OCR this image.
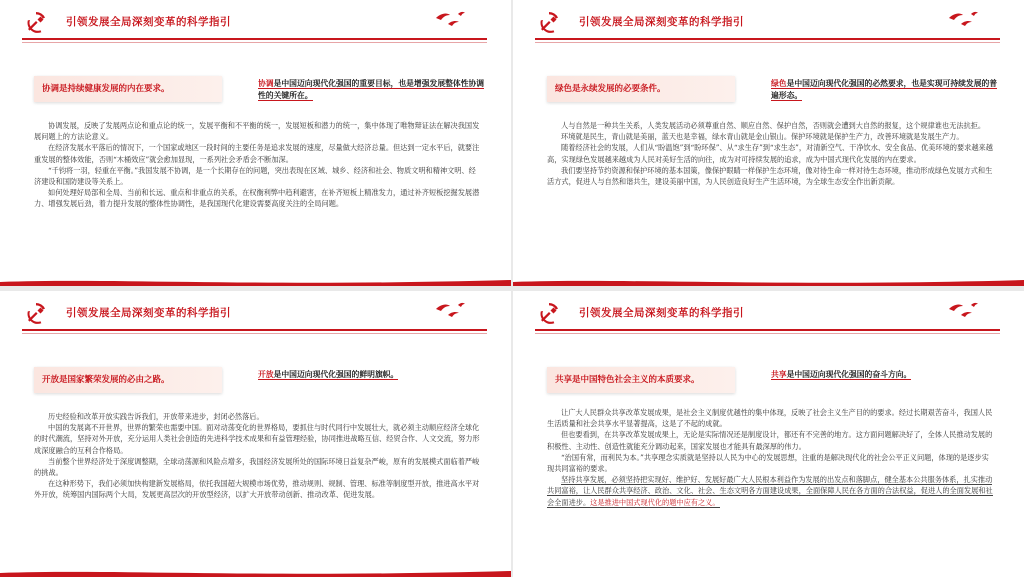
引领发展全局深刻变革的科学指引
协调是持续健康发展的内在要求。
协调是中国迈向现代化强国的重要目标，也是增强发展整体性协调性的关键所在。

协调发展，反映了发展两点论和重点论的统一，发展平衡和不平衡的统一，发展短板和潜力的统一，集中体现了唯物辩证法在解决我国发展问题上的方法论意义。

在经济发展水平落后的情况下，一个国家或地区一段时间的主要任务是追求发展的速度，尽量做大经济总量。但达到一定水平后，就要注重发展的整体效能，否则“木桶效应”就会愈加显现，一系列社会矛盾会不断加深。

“千钧将一羽，轻重在平衡。”我国发展不协调，是一个长期存在的问题，突出表现在区域、城乡、经济和社会、物质文明和精神文明、经济建设和国防建设等关系上。

如何处理好局部和全局、当前和长远、重点和非重点的关系，在权衡利弊中趋利避害，在补齐短板上精准发力，通过补齐短板挖掘发展潜力、增强发展后劲，着力提升发展的整体性协调性，是我国现代化建设需要高度关注的全局问题。

引领发展全局深刻变革的科学指引
绿色是永续发展的必要条件。
绿色是中国迈向现代化强国的必然要求，也是实现可持续发展的普遍形态。

人与自然是一种共生关系，人类发展活动必须尊重自然、顺应自然、保护自然，否则就会遭到大自然的报复，这个规律谁也无法抗拒。

环境就是民生，青山就是美丽，蓝天也是幸福，绿水青山就是金山银山。保护环境就是保护生产力，改善环境就是发展生产力。

随着经济社会的发展，人们从“盼温饱”到“盼环保”、从“求生存”到“求生态”，对清新空气、干净饮水、安全食品、优美环境的要求越来越高，实现绿色发展越来越成为人民对美好生活的向往，成为对可持续发展的追求，成为中国式现代化发展的内在要求。

我们要坚持节约资源和保护环境的基本国策，像保护眼睛一样保护生态环境，像对待生命一样对待生态环境，推动形成绿色发展方式和生活方式，促进人与自然和谐共生，建设美丽中国，为人民创造良好生产生活环境，为全球生态安全作出新贡献。

引领发展全局深刻变革的科学指引
开放是国家繁荣发展的必由之路。
开放是中国迈向现代化强国的鲜明旗帜。

历史经验和改革开放实践告诉我们，开放带来进步，封闭必然落后。

中国的发展离不开世界，世界的繁荣也需要中国。面对动荡变化的世界格局，要抓住与时代同行中发展壮大，就必须主动顺应经济全球化的时代潮流，坚持对外开放，充分运用人类社会创造的先进科学技术成果和有益管理经验，协同推进战略互信、经贸合作、人文交流，努力形成深度融合的互利合作格局。

当前整个世界经济处于深度调整期，全球动荡源和风险点增多，我国经济发展所处的国际环境日益复杂严峻，原有的发展模式面临着严峻的挑战。

在这种形势下，我们必须加快构建新发展格局，依托我国超大规模市场优势，推动规则、规制、管理、标准等制度型开放，推进高水平对外开放，统筹国内国际两个大局，发展更高层次的开放型经济，以扩大开放带动创新、推动改革、促进发展。

引领发展全局深刻变革的科学指引
共享是中国特色社会主义的本质要求。
共享是中国迈向现代化强国的奋斗方向。

让广大人民群众共享改革发展成果，是社会主义制度优越性的集中体现，反映了社会主义生产目的的要求。经过长期艰苦奋斗，我国人民生活质量和社会共享水平显著提高，这是了不起的成就。

但也要看到，在共享改革发展成果上，无论是实际情况还是制度设计，都还有不完善的地方。这方面问题解决好了，全体人民推动发展的积极性、主动性、创造性就能充分调动起来，国家发展也才能具有最深厚的伟力。

“治国有常，而利民为本。”共享理念实质就是坚持以人民为中心的发展思想，注重的是解决现代化的社会公平正义问题，体现的是逐步实现共同富裕的要求。

坚持共享发展，必须坚持把实现好、维护好、发展好最广大人民根本利益作为发展的出发点和落脚点，健全基本公共服务体系，扎实推动共同富裕，让人民群众共享经济、政治、文化、社会、生态文明各方面建设成果，全面保障人民在各方面的合法权益，促进人的全面发展和社会全面进步。这是推进中国式现代化的题中应有之义。
